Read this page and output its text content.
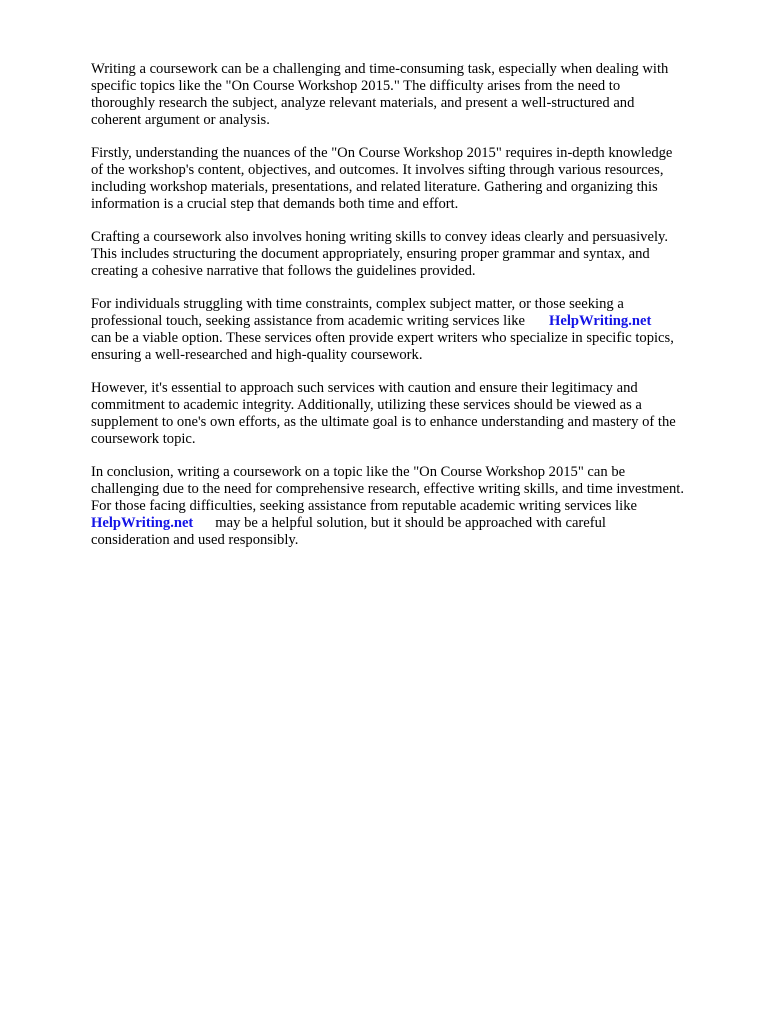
Writing a coursework can be a challenging and time-consuming task, especially when dealing with
specific topics like the "On Course Workshop 2015." The difficulty arises from the need to
thoroughly research the subject, analyze relevant materials, and present a well-structured and
coherent argument or analysis.
Firstly, understanding the nuances of the "On Course Workshop 2015" requires in-depth knowledge
of the workshop's content, objectives, and outcomes. It involves sifting through various resources,
including workshop materials, presentations, and related literature. Gathering and organizing this
information is a crucial step that demands both time and effort.
Crafting a coursework also involves honing writing skills to convey ideas clearly and persuasively.
This includes structuring the document appropriately, ensuring proper grammar and syntax, and
creating a cohesive narrative that follows the guidelines provided.
For individuals struggling with time constraints, complex subject matter, or those seeking a
professional touch, seeking assistance from academic writing services like HelpWriting.net
can be a viable option. These services often provide expert writers who specialize in specific topics,
ensuring a well-researched and high-quality coursework.
However, it's essential to approach such services with caution and ensure their legitimacy and
commitment to academic integrity. Additionally, utilizing these services should be viewed as a
supplement to one's own efforts, as the ultimate goal is to enhance understanding and mastery of the
coursework topic.
In conclusion, writing a coursework on a topic like the "On Course Workshop 2015" can be
challenging due to the need for comprehensive research, effective writing skills, and time investment.
For those facing difficulties, seeking assistance from reputable academic writing services like
HelpWriting.net may be a helpful solution, but it should be approached with careful
consideration and used responsibly.
